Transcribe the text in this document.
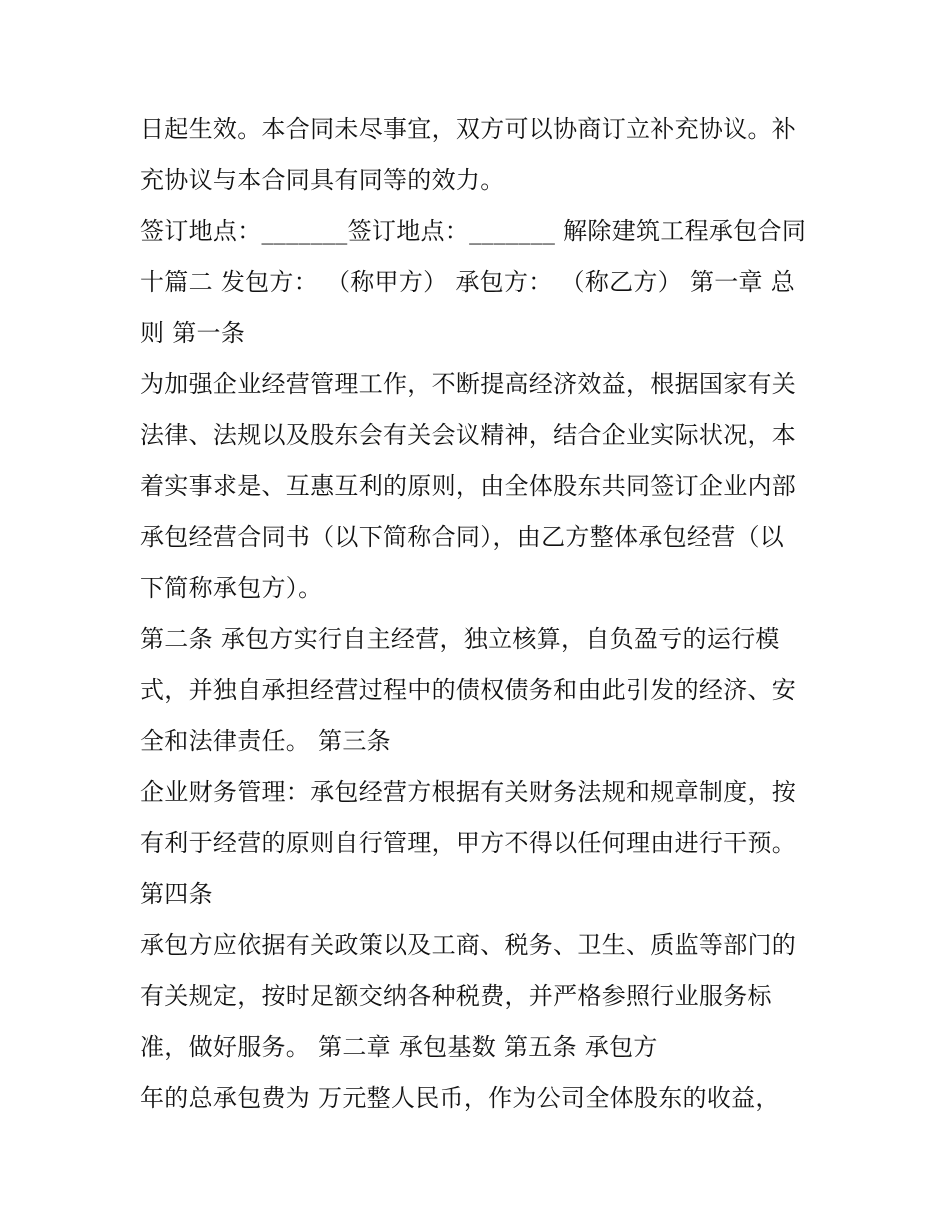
日起生效。本合同未尽事宜，双方可以协商订立补充协议。补
充协议与本合同具有同等的效力。
签订地点：_______签订地点：_______ 解除建筑工程承包合同
十篇二 发包方： （称甲方） 承包方： （称乙方） 第一章 总
则 第一条
为加强企业经营管理工作，不断提高经济效益，根据国家有关
法律、法规以及股东会有关会议精神，结合企业实际状况，本
着实事求是、互惠互利的原则，由全体股东共同签订企业内部
承包经营合同书（以下简称合同），由乙方整体承包经营（以
下简称承包方）。
第二条 承包方实行自主经营，独立核算，自负盈亏的运行模
式，并独自承担经营过程中的债权债务和由此引发的经济、安
全和法律责任。 第三条
企业财务管理：承包经营方根据有关财务法规和规章制度，按
有利于经营的原则自行管理，甲方不得以任何理由进行干预。
第四条
承包方应依据有关政策以及工商、税务、卫生、质监等部门的
有关规定，按时足额交纳各种税费，并严格参照行业服务标
准，做好服务。 第二章 承包基数 第五条 承包方
年的总承包费为 万元整人民币，作为公司全体股东的收益，
